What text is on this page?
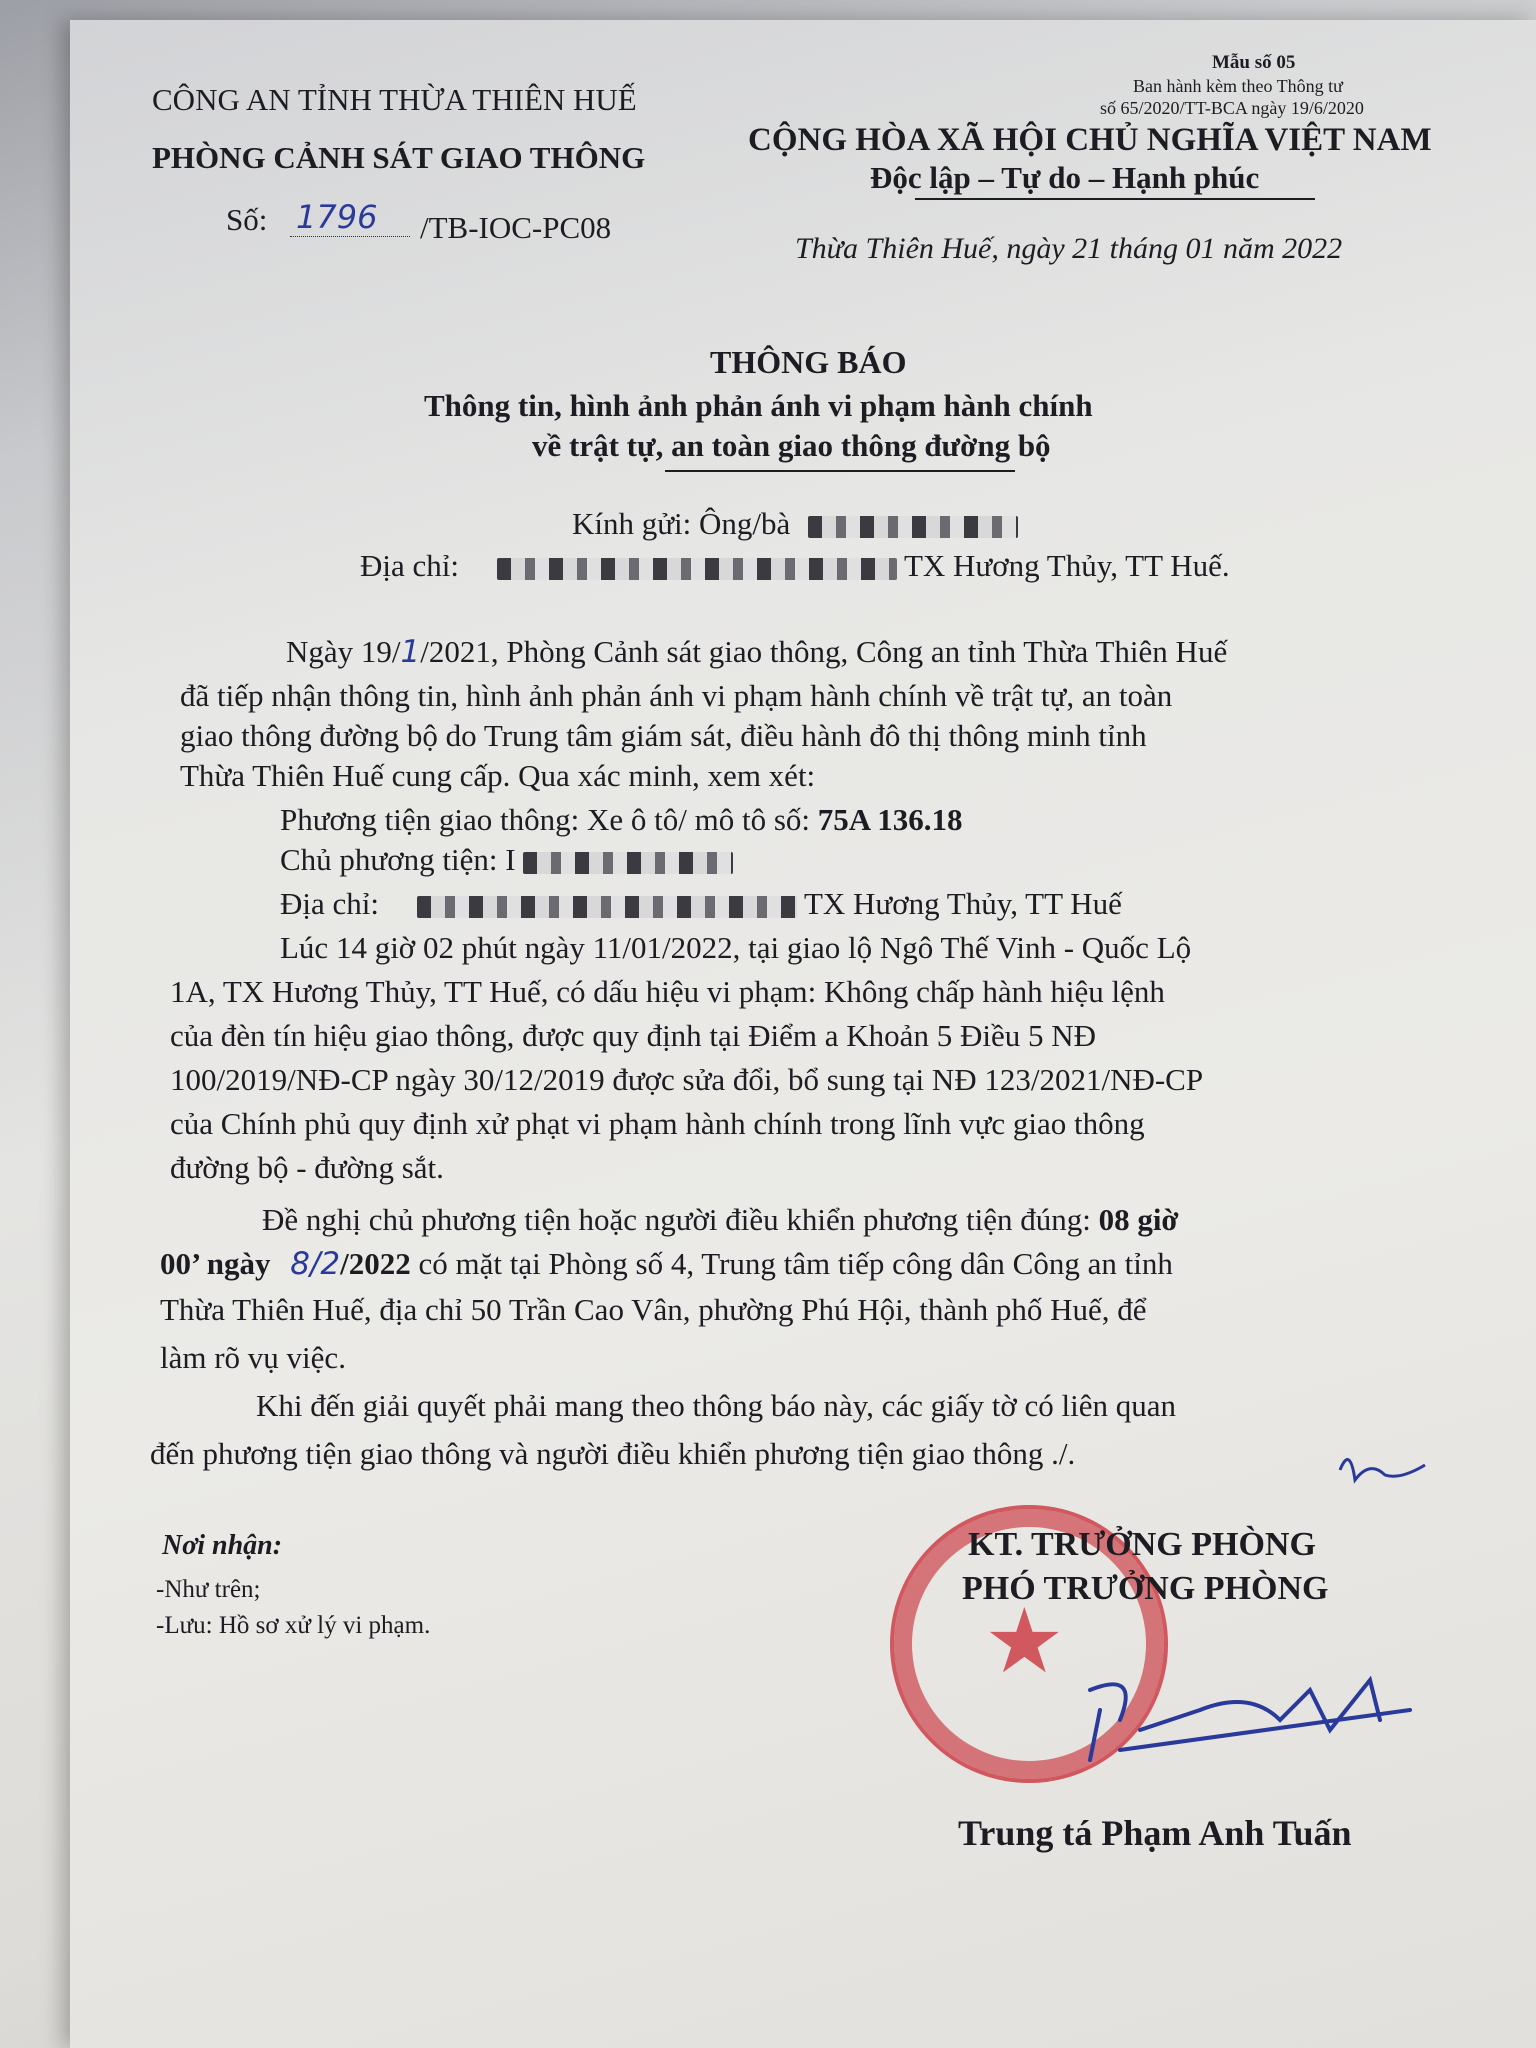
Mẫu số 05
Ban hành kèm theo Thông tư
số 65/2020/TT-BCA ngày 19/6/2020
CÔNG AN TỈNH THỪA THIÊN HUẾ
PHÒNG CẢNH SÁT GIAO THÔNG	CỘNG HÒA XÃ HỘI CHỦ NGHĨA VIỆT NAM
Độc lập – Tự do – Hạnh phúc
Số: 1796 /TB-IOC-PC08
Thừa Thiên Huế, ngày 21 tháng 01 năm 2022
THÔNG BÁO
Thông tin, hình ảnh phản ánh vi phạm hành chính
về trật tự, an toàn giao thông đường bộ
Kính gửi: Ông/bà
Địa chỉ:	TX Hương Thủy, TT Huế.
Ngày 19/1/2021, Phòng Cảnh sát giao thông, Công an tỉnh Thừa Thiên Huế
đã tiếp nhận thông tin, hình ảnh phản ánh vi phạm hành chính về trật tự, an toàn
giao thông đường bộ do Trung tâm giám sát, điều hành đô thị thông minh tỉnh
Thừa Thiên Huế cung cấp. Qua xác minh, xem xét:
Phương tiện giao thông: Xe ô tô/ mô tô số: 75A 136.18
Chủ phương tiện: I
Địa chỉ:	TX Hương Thủy, TT Huế
Lúc 14 giờ 02 phút ngày 11/01/2022, tại giao lộ Ngô Thế Vinh - Quốc Lộ
1A, TX Hương Thủy, TT Huế, có dấu hiệu vi phạm: Không chấp hành hiệu lệnh
của đèn tín hiệu giao thông, được quy định tại Điểm a Khoản 5 Điều 5 NĐ
100/2019/NĐ-CP ngày 30/12/2019 được sửa đổi, bổ sung tại NĐ 123/2021/NĐ-CP
của Chính phủ quy định xử phạt vi phạm hành chính trong lĩnh vực giao thông
đường bộ - đường sắt.
Đề nghị chủ phương tiện hoặc người điều khiển phương tiện đúng: 08 giờ
00’ ngày 8/2/2022 có mặt tại Phòng số 4, Trung tâm tiếp công dân Công an tỉnh
Thừa Thiên Huế, địa chỉ 50 Trần Cao Vân, phường Phú Hội, thành phố Huế, để
làm rõ vụ việc.
Khi đến giải quyết phải mang theo thông báo này, các giấy tờ có liên quan
đến phương tiện giao thông và người điều khiển phương tiện giao thông ./.
Nơi nhận:
-Như trên;
-Lưu: Hồ sơ xử lý vi phạm.	★
KT. TRƯỞNG PHÒNG
PHÓ TRƯỞNG PHÒNG
Trung tá Phạm Anh Tuấn
